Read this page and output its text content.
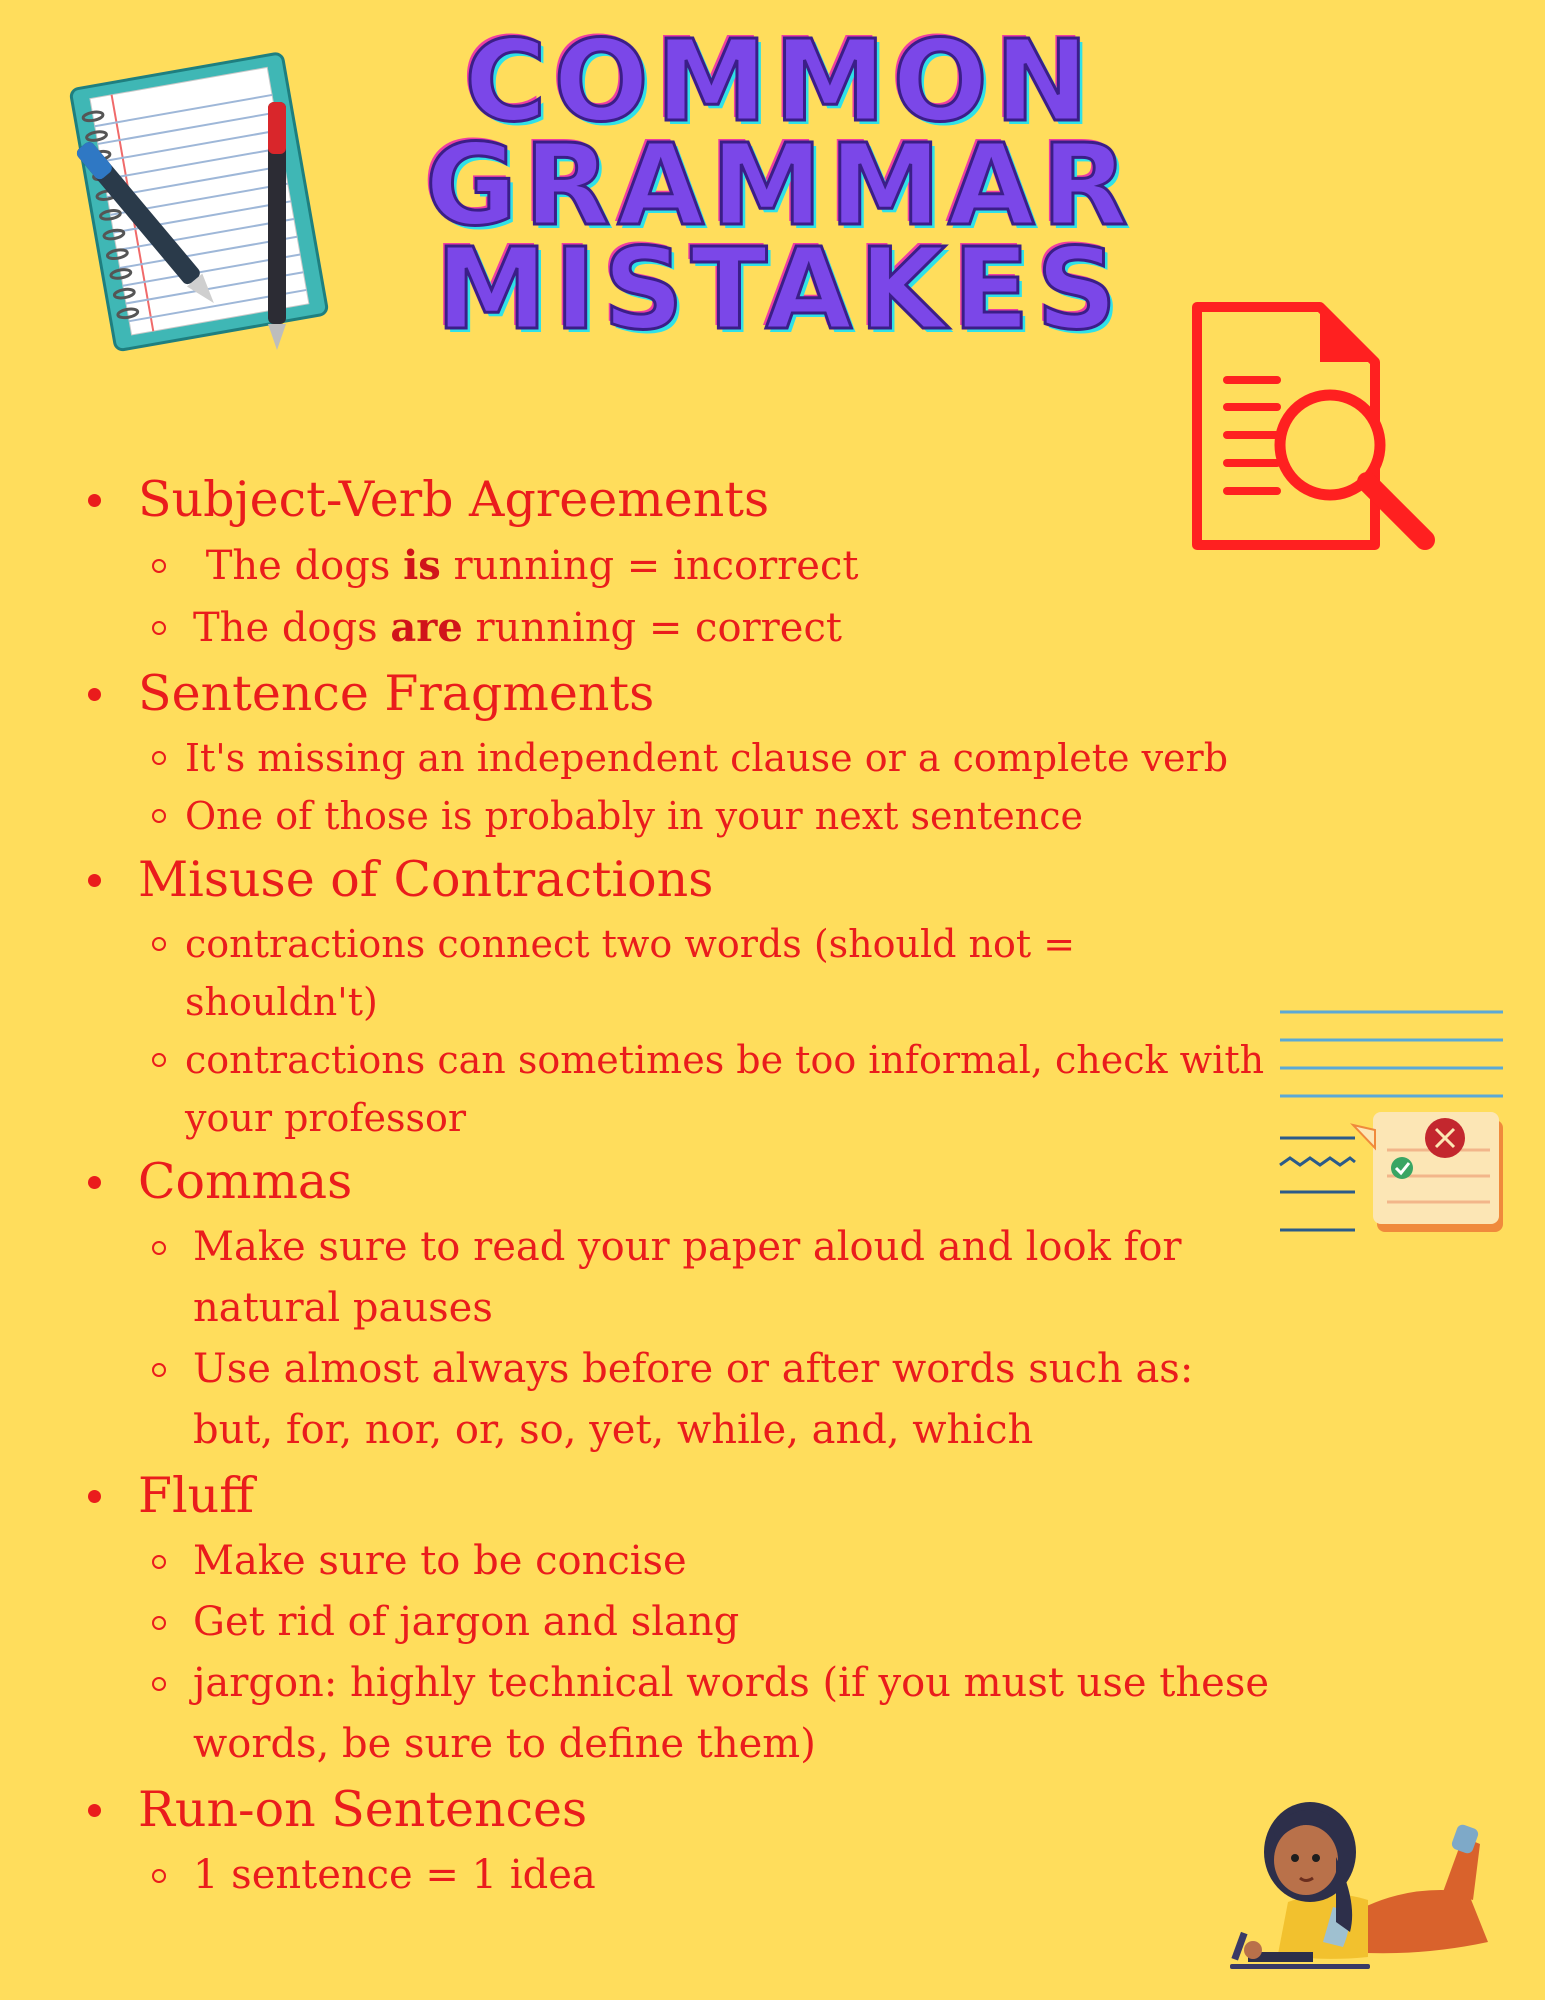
COMMON
GRAMMAR
MISTAKES
Subject-Verb Agreements
The dogs is running = incorrect
The dogs are running = correct
Sentence Fragments
It's missing an independent clause or a complete verb
One of those is probably in your next sentence
Misuse of Contractions
contractions connect two words (should not = shouldn't)
contractions can sometimes be too informal, check with your professor
Commas
Make sure to read your paper aloud and look for natural pauses
Use almost always before or after words such as: but, for, nor, or, so, yet, while, and, which
Fluff
Make sure to be concise
Get rid of jargon and slang
jargon: highly technical words (if you must use these words, be sure to define them)
Run-on Sentences
1 sentence = 1 idea
